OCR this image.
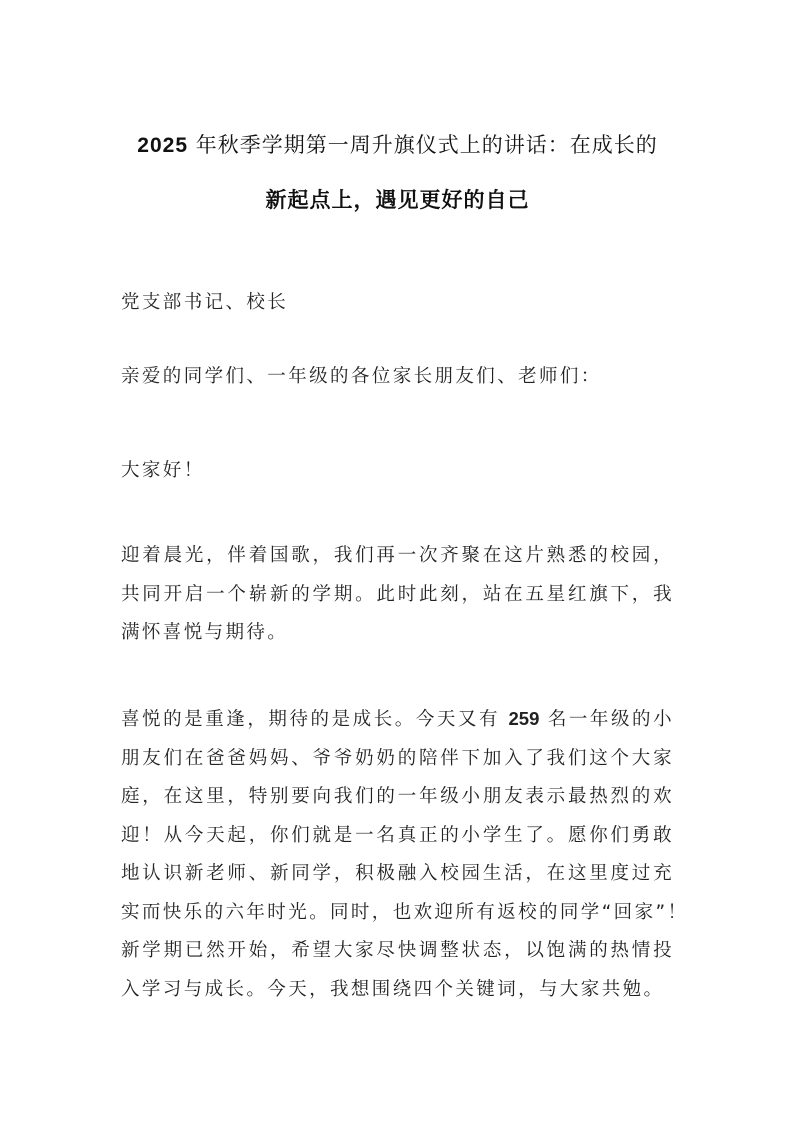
2025 年秋季学期第一周升旗仪式上的讲话：在成长的
新起点上，遇见更好的自己

党支部书记、校长

亲爱的同学们、一年级的各位家长朋友们、老师们：

大家好！

迎着晨光，伴着国歌，我们再一次齐聚在这片熟悉的校园，
共同开启一个崭新的学期。此时此刻，站在五星红旗下，我
满怀喜悦与期待。

喜悦的是重逢，期待的是成长。今天又有 259 名一年级的小
朋友们在爸爸妈妈、爷爷奶奶的陪伴下加入了我们这个大家
庭，在这里，特别要向我们的一年级小朋友表示最热烈的欢
迎！从今天起，你们就是一名真正的小学生了。愿你们勇敢
地认识新老师、新同学，积极融入校园生活，在这里度过充
实而快乐的六年时光。同时，也欢迎所有返校的同学“回家”！
新学期已然开始，希望大家尽快调整状态，以饱满的热情投
入学习与成长。今天，我想围绕四个关键词，与大家共勉。
